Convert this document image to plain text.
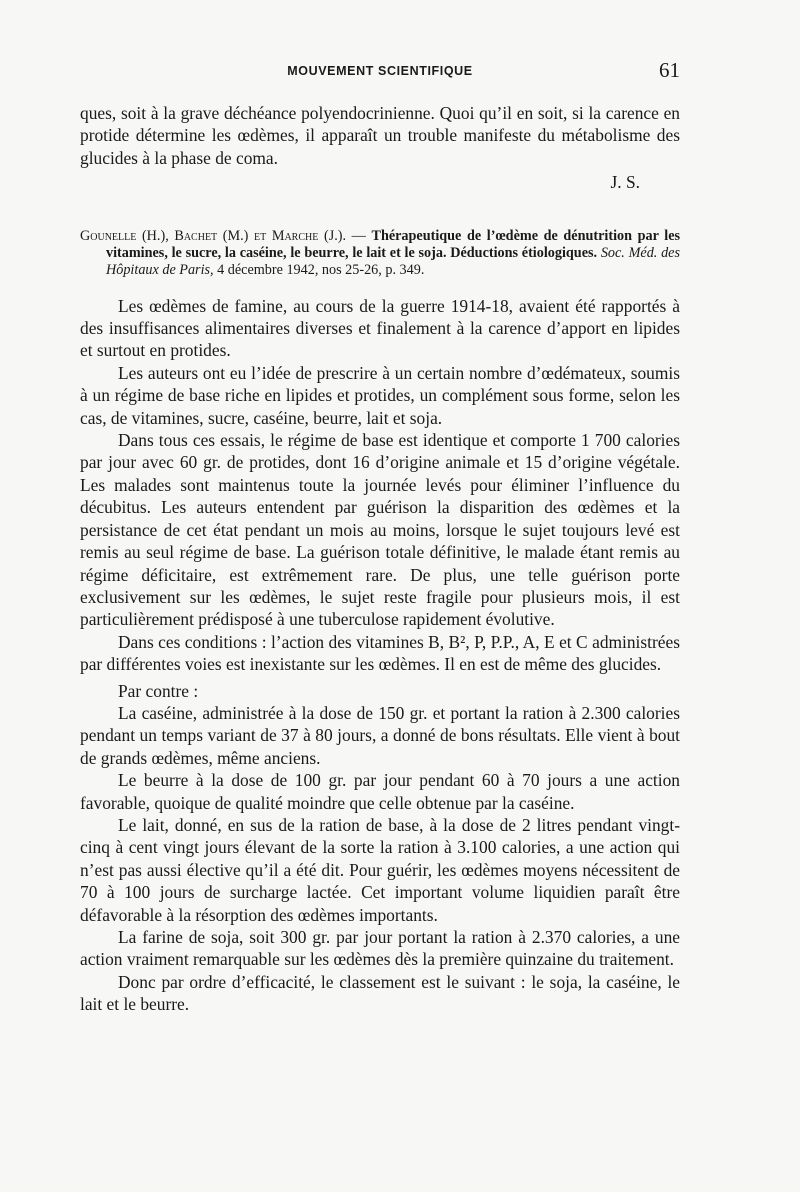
MOUVEMENT SCIENTIFIQUE	61

ques, soit à la grave déchéance polyendocrinienne. Quoi qu’il en soit, si la carence en protide détermine les œdèmes, il apparaît un trouble manifeste du métabolisme des glucides à la phase de coma.

J. S.

Gounelle (H.), Bachet (M.) et Marche (J.). — Thérapeutique de l’œdème de dénutrition par les vitamines, le sucre, la caséine, le beurre, le lait et le soja. Déductions étiologiques. Soc. Méd. des Hôpitaux de Paris, 4 décembre 1942, nos 25-26, p. 349.

Les œdèmes de famine, au cours de la guerre 1914-18, avaient été rapportés à des insuffisances alimentaires diverses et finalement à la carence d’apport en lipides et surtout en protides.

Les auteurs ont eu l’idée de prescrire à un certain nombre d’œdémateux, soumis à un régime de base riche en lipides et protides, un complément sous forme, selon les cas, de vitamines, sucre, caséine, beurre, lait et soja.

Dans tous ces essais, le régime de base est identique et comporte 1 700 calories par jour avec 60 gr. de protides, dont 16 d’origine animale et 15 d’origine végétale. Les malades sont maintenus toute la journée levés pour éliminer l’influence du décubitus. Les auteurs entendent par guérison la disparition des œdèmes et la persistance de cet état pendant un mois au moins, lorsque le sujet toujours levé est remis au seul régime de base. La guérison totale définitive, le malade étant remis au régime déficitaire, est extrêmement rare. De plus, une telle guérison porte exclusivement sur les œdèmes, le sujet reste fragile pour plusieurs mois, il est particulièrement prédisposé à une tuberculose rapidement évolutive.

Dans ces conditions : l’action des vitamines B, B², P, P.P., A, E et C administrées par différentes voies est inexistante sur les œdèmes. Il en est de même des glucides.

Par contre :

La caséine, administrée à la dose de 150 gr. et portant la ration à 2.300 calories pendant un temps variant de 37 à 80 jours, a donné de bons résultats. Elle vient à bout de grands œdèmes, même anciens.

Le beurre à la dose de 100 gr. par jour pendant 60 à 70 jours a une action favorable, quoique de qualité moindre que celle obtenue par la caséine.

Le lait, donné, en sus de la ration de base, à la dose de 2 litres pendant vingt-cinq à cent vingt jours élevant de la sorte la ration à 3.100 calories, a une action qui n’est pas aussi élective qu’il a été dit. Pour guérir, les œdèmes moyens nécessitent de 70 à 100 jours de surcharge lactée. Cet important volume liquidien paraît être défavorable à la résorption des œdèmes importants.

La farine de soja, soit 300 gr. par jour portant la ration à 2.370 calories, a une action vraiment remarquable sur les œdèmes dès la première quinzaine du traitement.

Donc par ordre d’efficacité, le classement est le suivant : le soja, la caséine, le lait et le beurre.
